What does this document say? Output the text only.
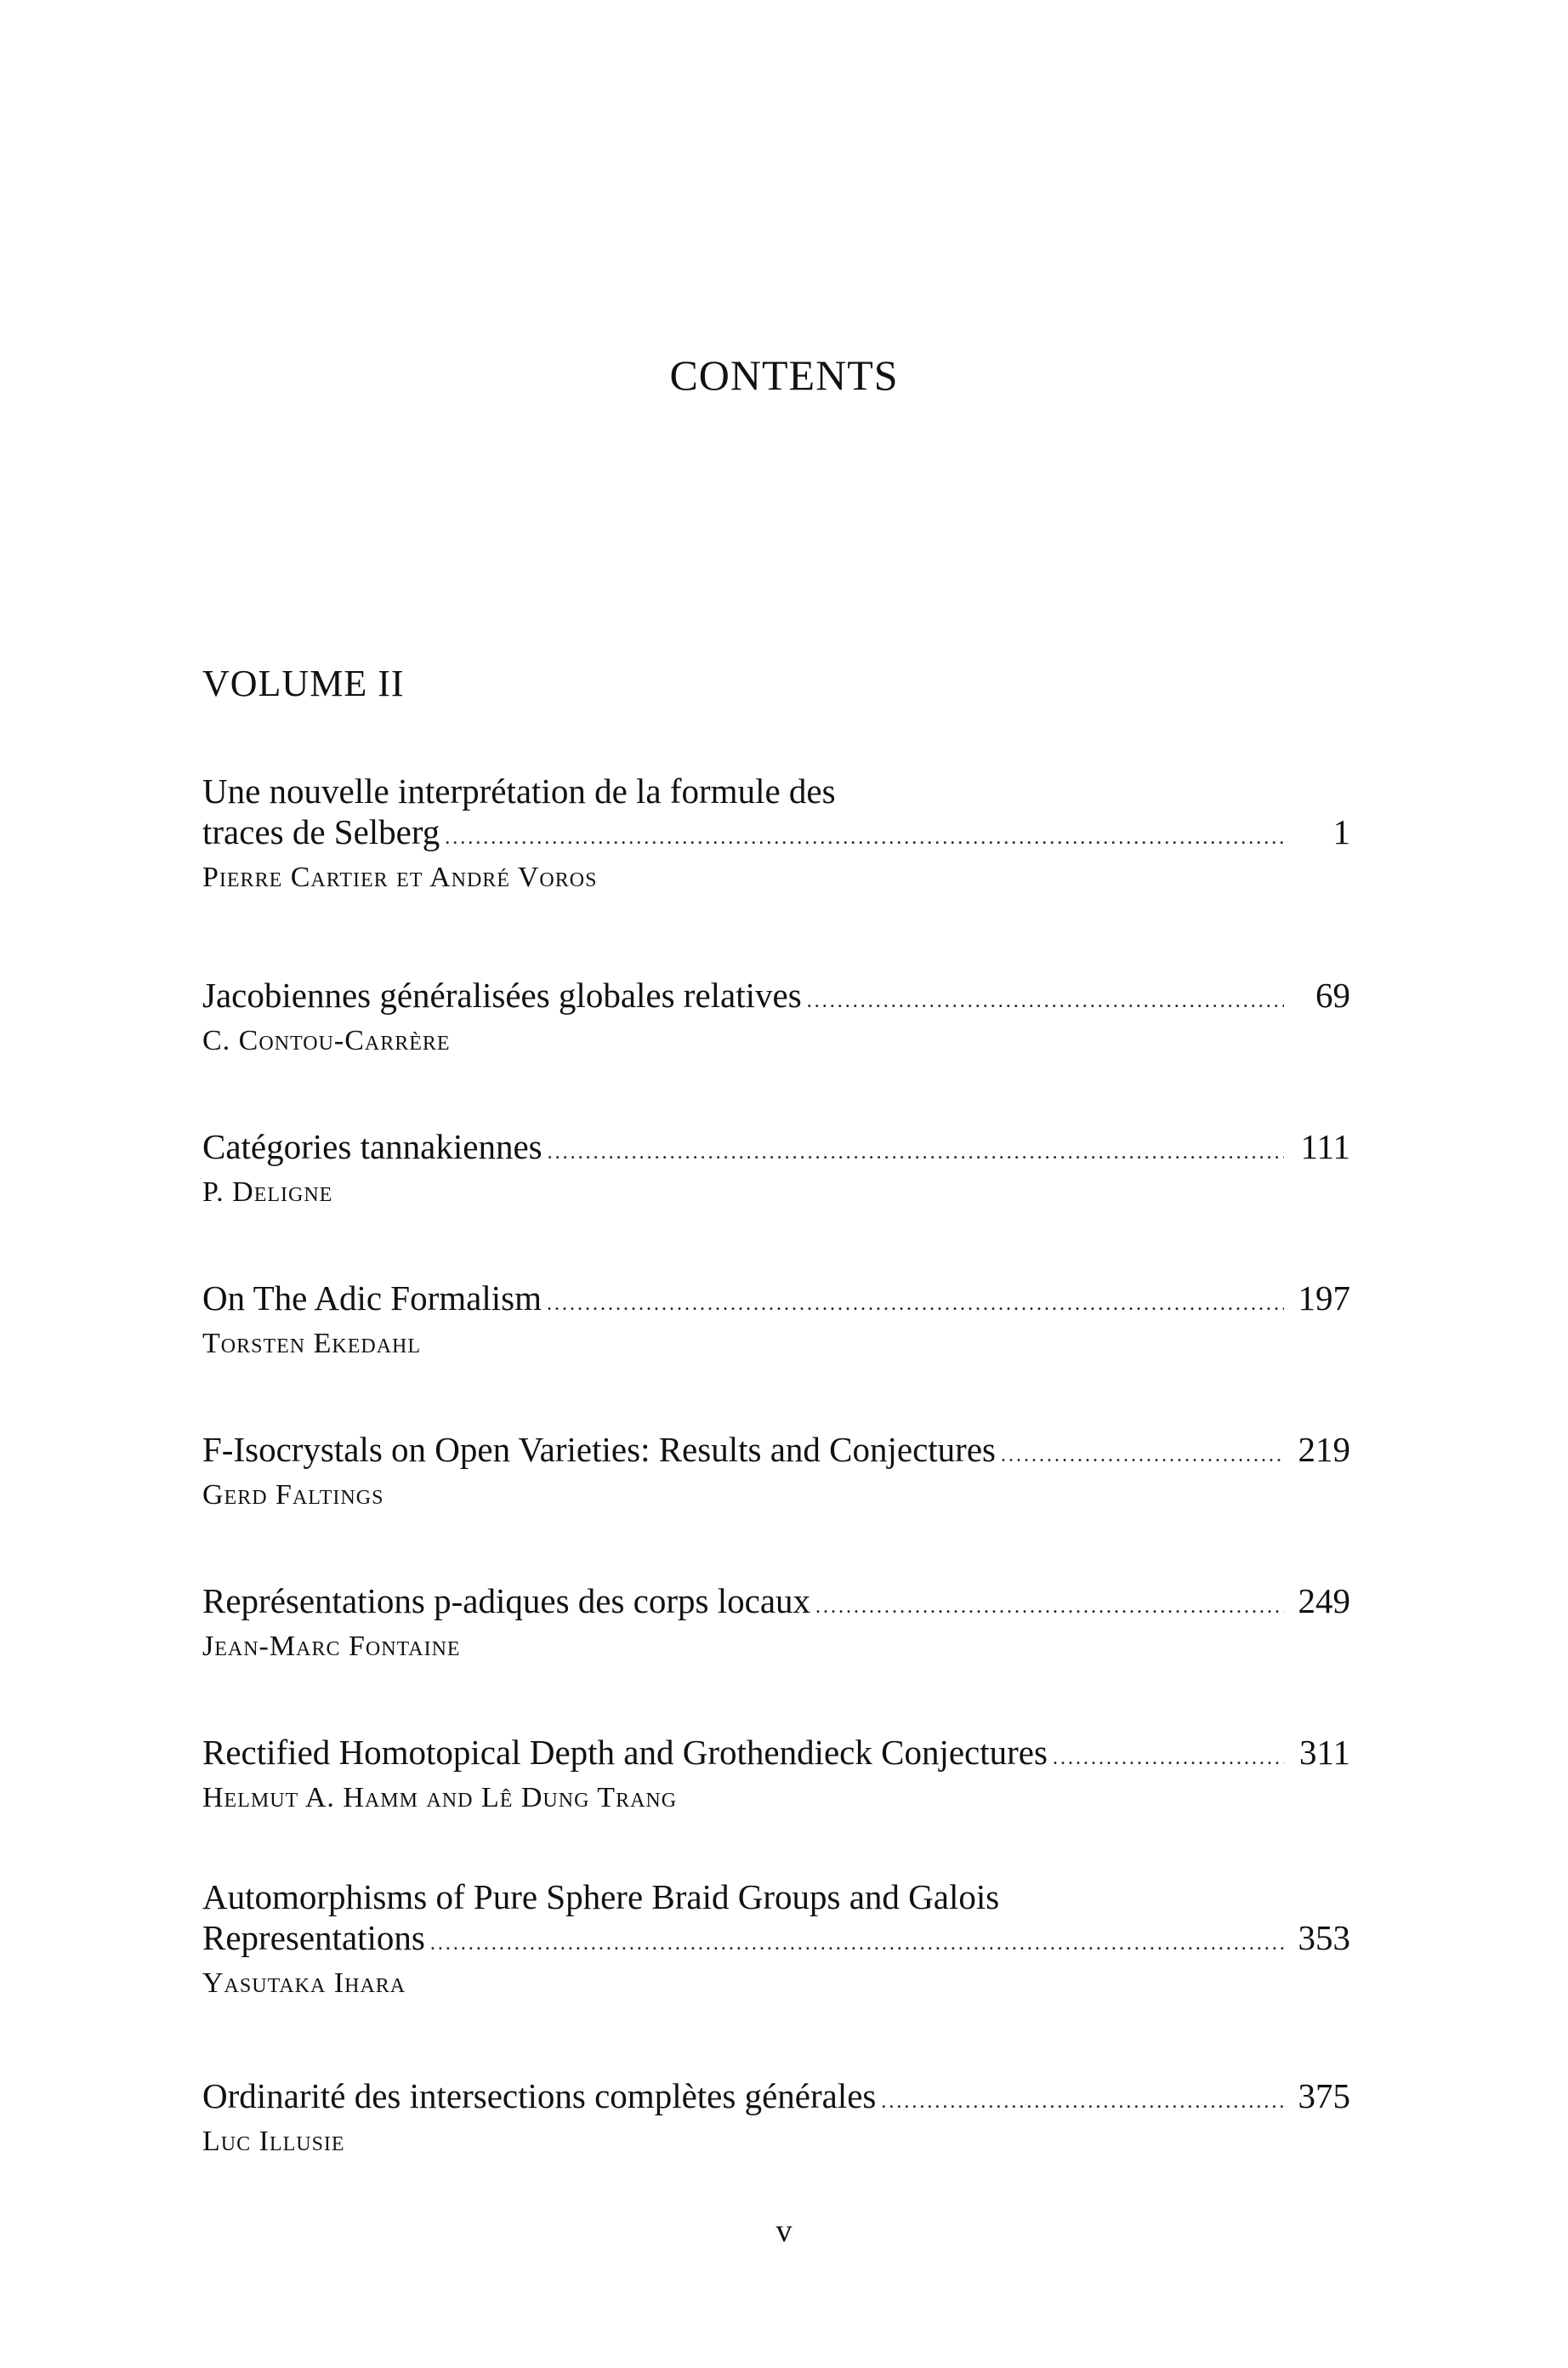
CONTENTS
VOLUME II
Une nouvelle interprétation de la formule des
traces de Selberg .....	1
Pierre Cartier et André Voros
Jacobiennes généralisées globales relatives .....	69
C. Contou-Carrère
Catégories tannakiennes .....	111
P. Deligne
On The Adic Formalism .....	197
Torsten Ekedahl
F-Isocrystals on Open Varieties: Results and Conjectures .....	219
Gerd Faltings
Représentations p-adiques des corps locaux .....	249
Jean-Marc Fontaine
Rectified Homotopical Depth and Grothendieck Conjectures .....	311
Helmut A. Hamm and Lê Dung Trang
Automorphisms of Pure Sphere Braid Groups and Galois
Representations .....	353
Yasutaka Ihara
Ordinarité des intersections complètes générales .....	375
Luc Illusie
v
